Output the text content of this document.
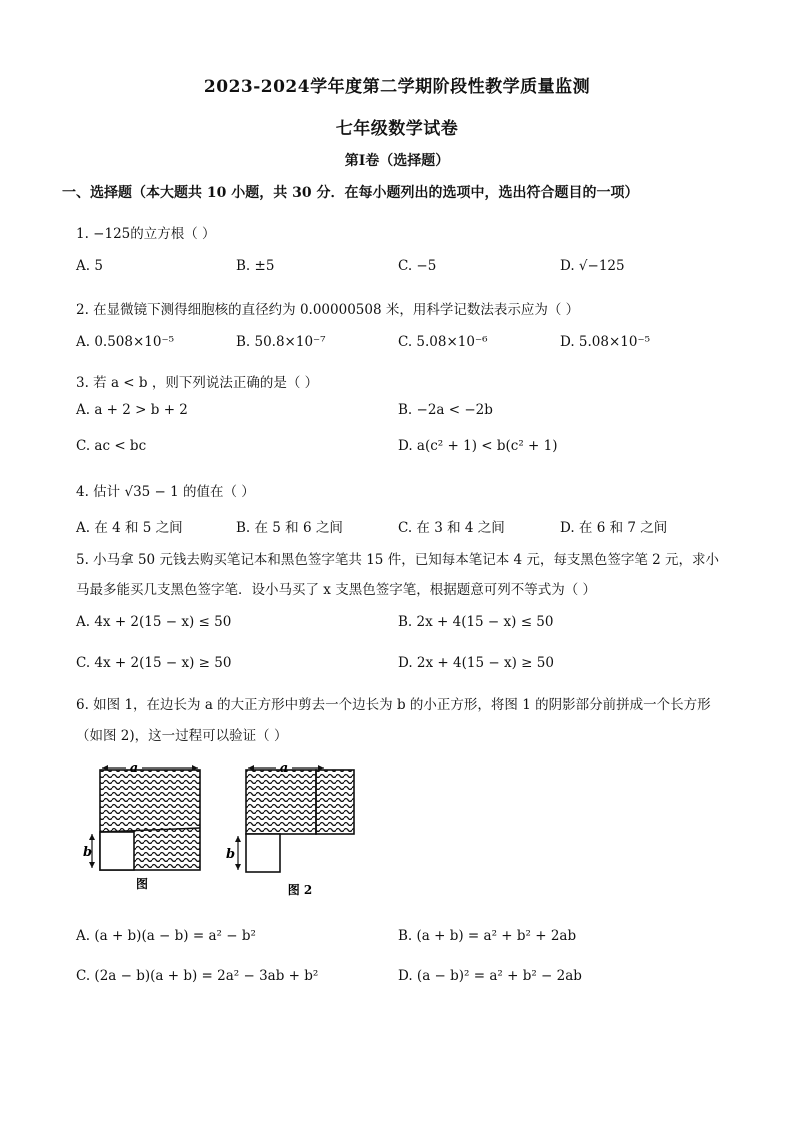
2023-2024学年度第二学期阶段性教学质量监测
七年级数学试卷
第Ⅰ卷（选择题）
一、选择题（本大题共 10 小题，共 30 分．在每小题列出的选项中，选出符合题目的一项）
1. −125的立方根（ ）
A. 5	B. ±5	C. −5	D. √−125
2. 在显微镜下测得细胞核的直径约为 0.00000508 米，用科学记数法表示应为（ ）
A. 0.508×10⁻⁵	B. 50.8×10⁻⁷	C. 5.08×10⁻⁶	D. 5.08×10⁻⁵
3. 若 a < b ，则下列说法正确的是（ ）
A. a + 2 > b + 2	B. −2a < −2b
C. ac < bc	D. a(c² + 1) < b(c² + 1)
4. 估计 √35 − 1 的值在（ ）
A. 在 4 和 5 之间	B. 在 5 和 6 之间	C. 在 3 和 4 之间	D. 在 6 和 7 之间
5. 小马拿 50 元钱去购买笔记本和黑色签字笔共 15 件，已知每本笔记本 4 元，每支黑色签字笔 2 元，求小
马最多能买几支黑色签字笔．设小马买了 x 支黑色签字笔，根据题意可列不等式为（ ）
A. 4x + 2(15 − x) ≤ 50	B. 2x + 4(15 − x) ≤ 50
C. 4x + 2(15 − x) ≥ 50	D. 2x + 4(15 − x) ≥ 50
6. 如图 1，在边长为 a 的大正方形中剪去一个边长为 b 的小正方形，将图 1 的阴影部分前拼成一个长方形
（如图 2)，这一过程可以验证（ ）
a
b
图
a
b
图 2
A. (a + b)(a − b) = a² − b²	B. (a + b) = a² + b² + 2ab
C. (2a − b)(a + b) = 2a² − 3ab + b²	D. (a − b)² = a² + b² − 2ab
